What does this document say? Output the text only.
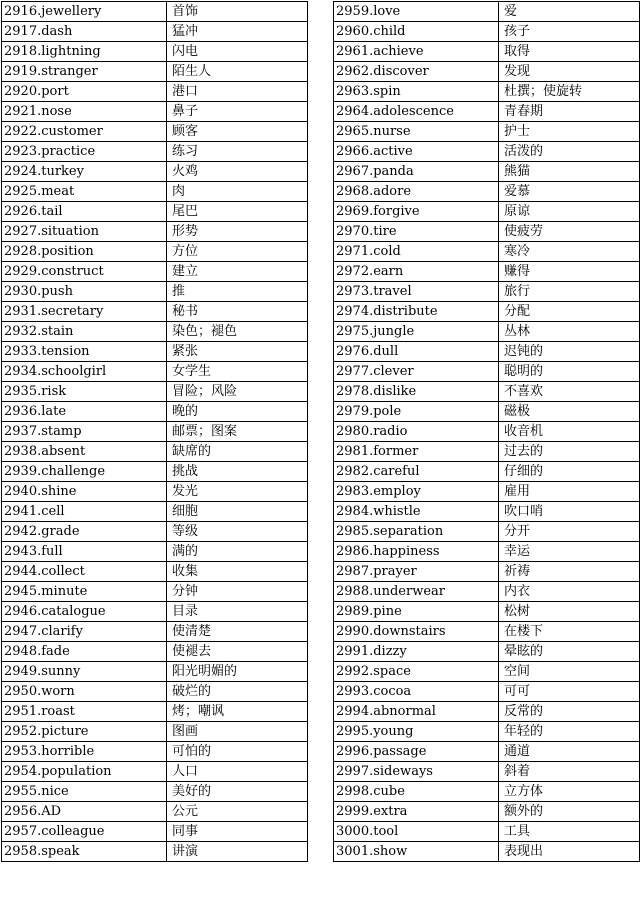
2916.jewellery	首饰
2917.dash	猛冲
2918.lightning	闪电
2919.stranger	陌生人
2920.port	港口
2921.nose	鼻子
2922.customer	顾客
2923.practice	练习
2924.turkey	火鸡
2925.meat	肉
2926.tail	尾巴
2927.situation	形势
2928.position	方位
2929.construct	建立
2930.push	推
2931.secretary	秘书
2932.stain	染色；褪色
2933.tension	紧张
2934.schoolgirl	女学生
2935.risk	冒险；风险
2936.late	晚的
2937.stamp	邮票；图案
2938.absent	缺席的
2939.challenge	挑战
2940.shine	发光
2941.cell	细胞
2942.grade	等级
2943.full	满的
2944.collect	收集
2945.minute	分钟
2946.catalogue	目录
2947.clarify	使清楚
2948.fade	使褪去
2949.sunny	阳光明媚的
2950.worn	破烂的
2951.roast	烤；嘲讽
2952.picture	图画
2953.horrible	可怕的
2954.population	人口
2955.nice	美好的
2956.AD	公元
2957.colleague	同事
2958.speak	讲演
2959.love	爱
2960.child	孩子
2961.achieve	取得
2962.discover	发现
2963.spin	杜撰；使旋转
2964.adolescence	青春期
2965.nurse	护士
2966.active	活泼的
2967.panda	熊猫
2968.adore	爱慕
2969.forgive	原谅
2970.tire	使疲劳
2971.cold	寒冷
2972.earn	赚得
2973.travel	旅行
2974.distribute	分配
2975.jungle	丛林
2976.dull	迟钝的
2977.clever	聪明的
2978.dislike	不喜欢
2979.pole	磁极
2980.radio	收音机
2981.former	过去的
2982.careful	仔细的
2983.employ	雇用
2984.whistle	吹口哨
2985.separation	分开
2986.happiness	幸运
2987.prayer	祈祷
2988.underwear	内衣
2989.pine	松树
2990.downstairs	在楼下
2991.dizzy	晕眩的
2992.space	空间
2993.cocoa	可可
2994.abnormal	反常的
2995.young	年轻的
2996.passage	通道
2997.sideways	斜着
2998.cube	立方体
2999.extra	额外的
3000.tool	工具
3001.show	表现出
